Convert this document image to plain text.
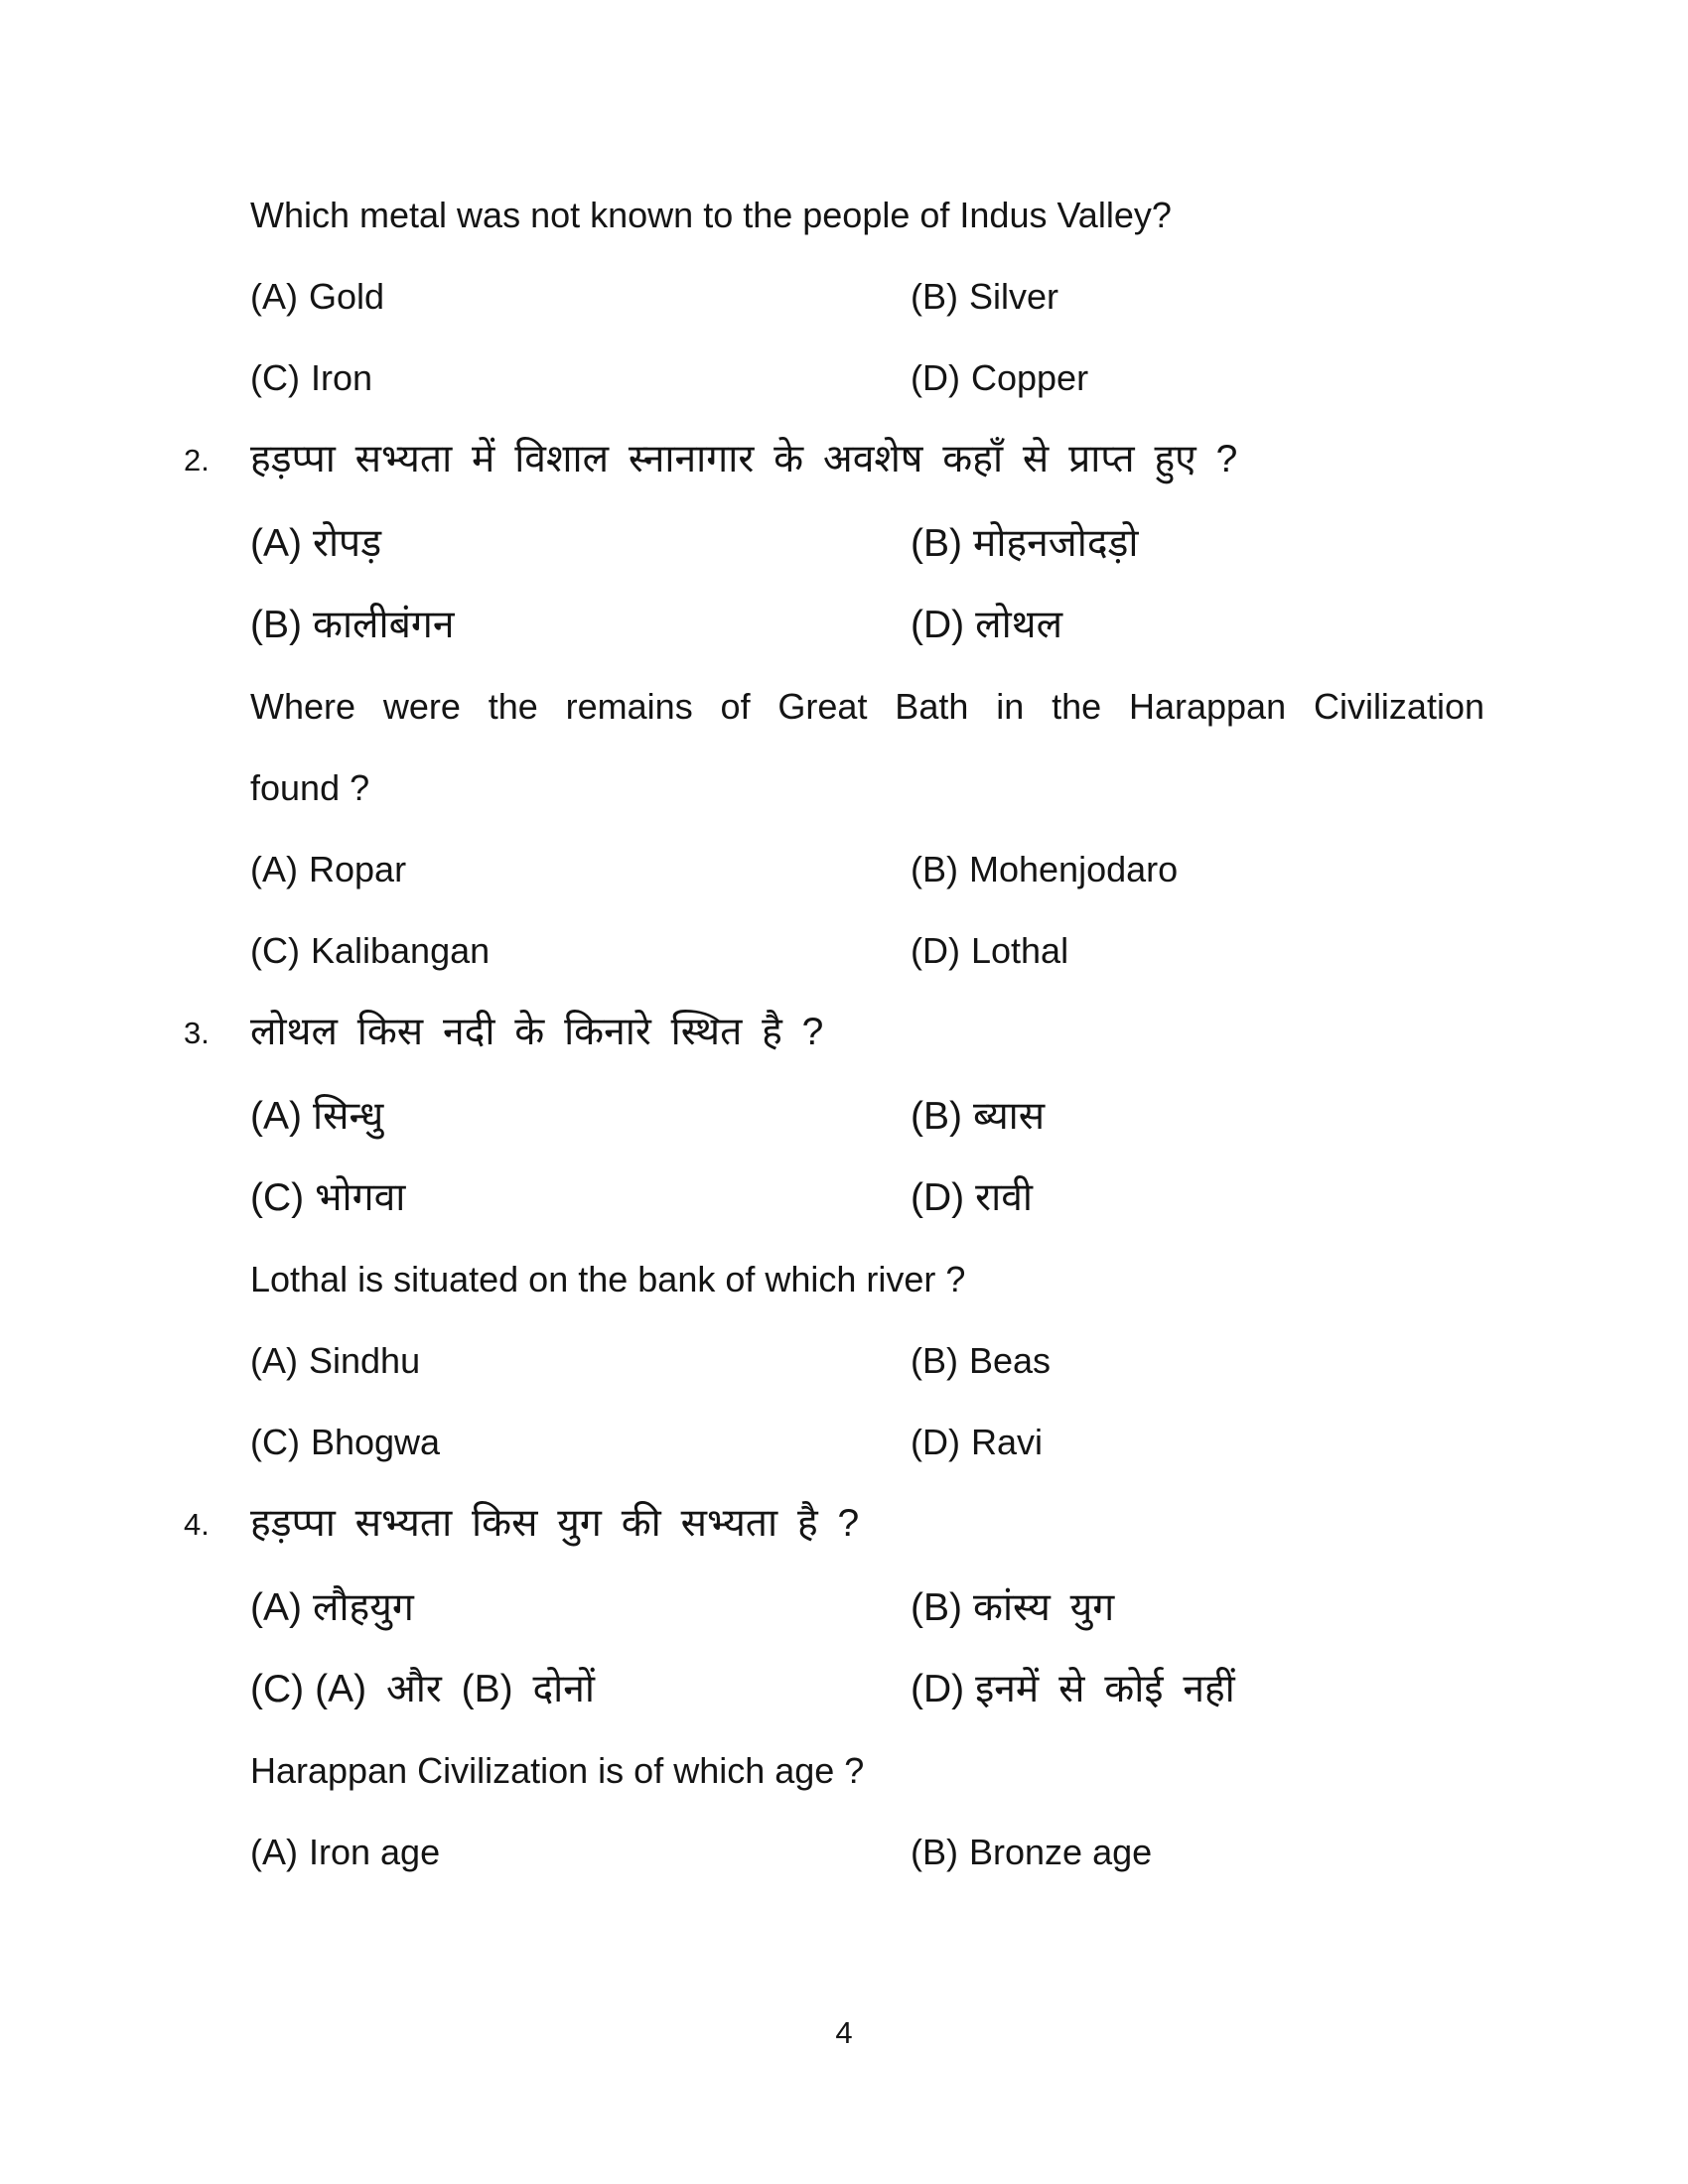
Which metal was not known to the people of Indus Valley?
(A) Gold	(B) Silver
(C) Iron	(D) Copper
2.	हड़प्पा सभ्यता में विशाल स्नानागार के अवशेष कहाँ से प्राप्त हुए ?
(A) रोपड़	(B) मोहनजोदड़ो
(B) कालीबंगन	(D) लोथल
Where were the remains of Great Bath in the Harappan Civilization
found ?
(A) Ropar	(B) Mohenjodaro
(C) Kalibangan	(D) Lothal
3.	लोथल किस नदी के किनारे स्थित है ?
(A) सिन्धु	(B) ब्यास
(C) भोगवा	(D) रावी
Lothal is situated on the bank of which river ?
(A) Sindhu	(B) Beas
(C) Bhogwa	(D) Ravi
4.	हड़प्पा सभ्यता किस युग की सभ्यता है ?
(A) लौहयुग	(B) कांस्य युग
(C) (A) और (B) दोनों	(D) इनमें से कोई नहीं
Harappan Civilization is of which age ?
(A) Iron age	(B) Bronze age
4
